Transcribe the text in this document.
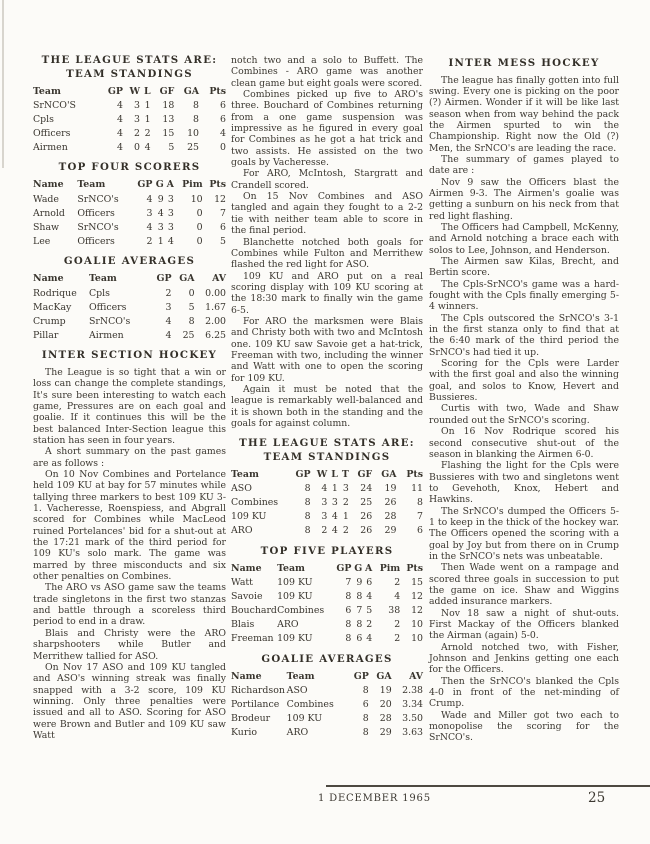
THE LEAGUE STATS ARE:
TEAM STANDINGS
Team	GP	W	L	GF	GA	Pts
SrNCO'S	4	3	1	18	8	6
Cpls	4	3	1	13	8	6
Officers	4	2	2	15	10	4
Airmen	4	0	4	5	25	0
TOP FOUR SCORERS
Name	Team	GP	G	A	Pim	Pts
Wade	SrNCO's	4	9	3	10	12
Arnold	Officers	3	4	3	0	7
Shaw	SrNCO's	4	3	3	0	6
Lee	Officers	2	1	4	0	5
GOALIE AVERAGES
Name	Team	GP	GA	AV
Rodrique	Cpls	2	0	0.00
MacKay	Officers	3	5	1.67
Crump	SrNCO's	4	8	2.00
Pillar	Airmen	4	25	6.25
INTER SECTION HOCKEY

The League is so tight that a win or loss can change the complete standings, It's sure been interesting to watch each game, Pressures are on each goal and goalie. If it continues this will be the best balanced Inter-Section league this station has seen in four years.

A short summary on the past games are as follows :

On 10 Nov Combines and Portelance held 109 KU at bay for 57 minutes while tallying three markers to best 109 KU 3-1. Vacheresse, Roenspiess, and Abgrall scored for Combines while MacLeod ruined Portelances' bid for a shut-out at the 17:21 mark of the third period for 109 KU's solo mark. The game was marred by three misconducts and six other penalties on Combines.

The ARO vs ASO game saw the teams trade singletons in the first two stanzas and battle through a scoreless third period to end in a draw.

Blais and Christy were the ARO sharpshooters while Butler and Merrithew tallied for ASO.

On Nov 17 ASO and 109 KU tangled and ASO's winning streak was finally snapped with a 3-2 score, 109 KU winning. Only three penalties were issued and all to ASO. Scoring for ASO were Brown and Butler and 109 KU saw Watt

notch two and a solo to Buffett. The Combines - ARO game was another clean game but eight goals were scored.

Combines picked up five to ARO's three. Bouchard of Combines returning from a one game suspension was impressive as he figured in every goal for Combines as he got a hat trick and two assists. He assisted on the two goals by Vacheresse.

For ARO, McIntosh, Stargratt and Crandell scored.

On 15 Nov Combines and ASO tangled and again they fought to a 2-2 tie with neither team able to score in the final period.

Blanchette notched both goals for Combines while Fulton and Merrithew flashed the red light for ASO.

109 KU and ARO put on a real scoring display with 109 KU scoring at the 18:30 mark to finally win the game 6-5.

For ARO the marksmen were Blais and Christy both with two and McIntosh one. 109 KU saw Savoie get a hat-trick, Freeman with two, including the winner and Watt with one to open the scoring for 109 KU.

Again it must be noted that the league is remarkably well-balanced and it is shown both in the standing and the goals for against column.

THE LEAGUE STATS ARE:
TEAM STANDINGS
Team	GP	W	L	T	GF	GA	Pts
ASO	8	4	1	3	24	19	11
Combines	8	3	3	2	25	26	8
109 KU	8	3	4	1	26	28	7
ARO	8	2	4	2	26	29	6
TOP FIVE PLAYERS
Name	Team	GP	G	A	Pim	Pts
Watt	109 KU	7	9	6	2	15
Savoie	109 KU	8	8	4	4	12
Bouchard	Combines	6	7	5	38	12
Blais	ARO	8	8	2	2	10
Freeman	109 KU	8	6	4	2	10
GOALIE AVERAGES
Name	Team	GP	GA	AV
Richardson	ASO	8	19	2.38
Portilance	Combines	6	20	3.34
Brodeur	109 KU	8	28	3.50
Kurio	ARO	8	29	3.63
INTER MESS HOCKEY

The league has finally gotten into full swing. Every one is picking on the poor (?) Airmen. Wonder if it will be like last season when from way behind the pack the Airmen spurted to win the Championship. Right now the Old (?) Men, the SrNCO's are leading the race.

The summary of games played to date are :

Nov 9 saw the Officers blast the Airmen 9-3. The Airmen's goalie was getting a sunburn on his neck from that red light flashing.

The Officers had Campbell, McKenny, and Arnold notching a brace each with solos to Lee, Johnson, and Henderson.

The Airmen saw Kilas, Brecht, and Bertin score.

The Cpls-SrNCO's game was a hard-fought with the Cpls finally emerging 5-4 winners.

The Cpls outscored the SrNCO's 3-1 in the first stanza only to find that at the 6:40 mark of the third period the SrNCO's had tied it up.

Scoring for the Cpls were Larder with the first goal and also the winning goal, and solos to Know, Hevert and Bussieres.

Curtis with two, Wade and Shaw rounded out the SrNCO's scoring.

On 16 Nov Rodrique scored his second consecutive shut-out of the season in blanking the Airmen 6-0.

Flashing the light for the Cpls were Bussieres with two and singletons went to Gevehoth, Knox, Hebert and Hawkins.

The SrNCO's dumped the Officers 5-1 to keep in the thick of the hockey war. The Officers opened the scoring with a goal by Joy but from there on in Crump in the SrNCO's nets was unbeatable.

Then Wade went on a rampage and scored three goals in succession to put the game on ice. Shaw and Wiggins added insurance markers.

Nov 18 saw a night of shut-outs. First Mackay of the Officers blanked the Airman (again) 5-0.

Arnold notched two, with Fisher, Johnson and Jenkins getting one each for the Officers.

Then the SrNCO's blanked the Cpls 4-0 in front of the net-minding of Crump.

Wade and Miller got two each to monopolise the scoring for the SrNCO's.

1 DECEMBER 1965	25
